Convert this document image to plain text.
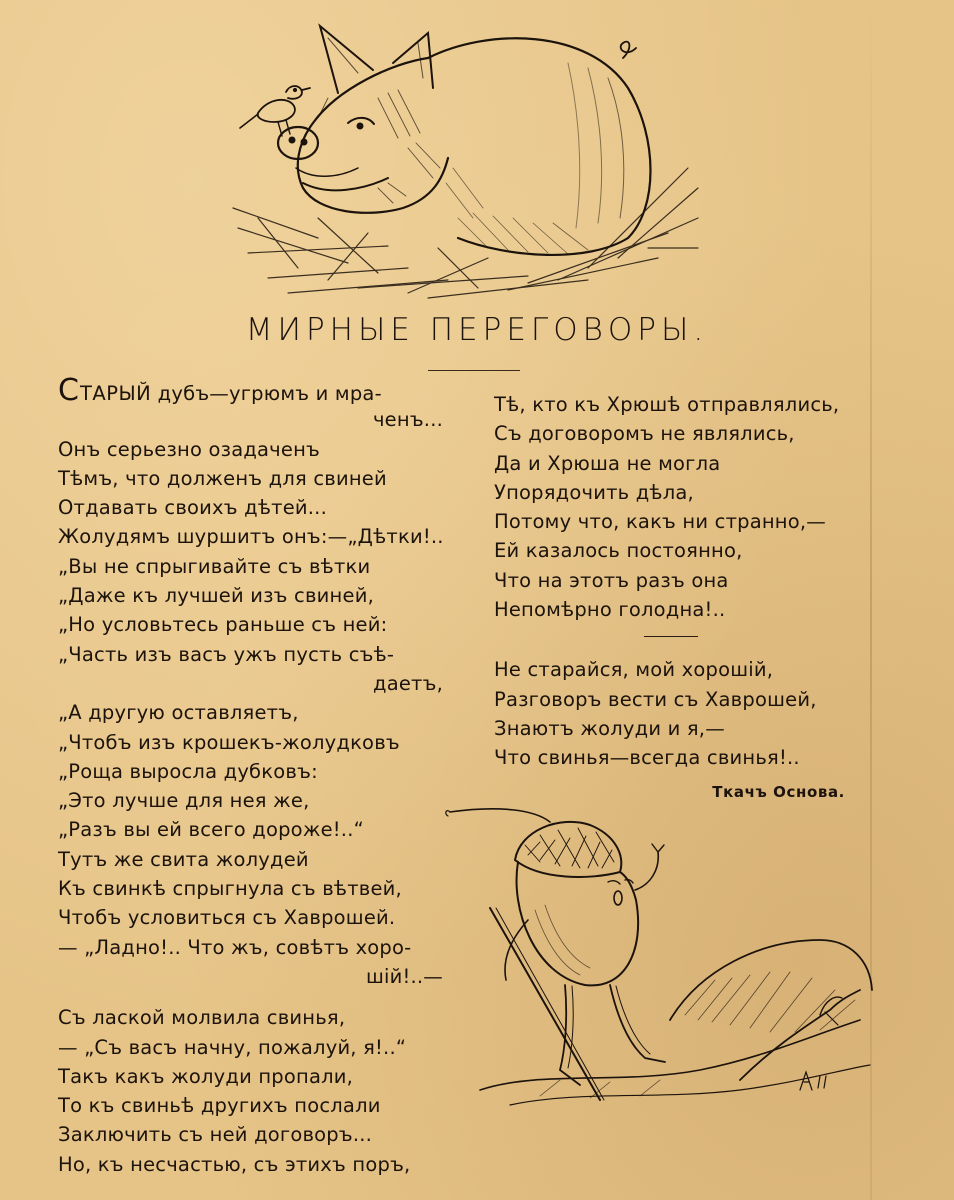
МИРНЫЕ ПЕРЕГОВОРЫ.
СТАРЫЙ дубъ—угрюмъ и мра-
ченъ...
Онъ серьезно озадаченъ
Тѣмъ, что долженъ для свиней
Отдавать своихъ дѣтей...
Жолудямъ шуршитъ онъ:—„Дѣтки!..
„Вы не спрыгивайте съ вѣтки
„Даже къ лучшей изъ свиней,
„Но условьтесь раньше съ ней:
„Часть изъ васъ ужъ пусть съѣ-
даетъ,
„А другую оставляетъ,
„Чтобъ изъ крошекъ-жолудковъ
„Роща выросла дубковъ:
„Это лучше для нея же,
„Разъ вы ей всего дороже!..“
Тутъ же свита жолудей
Къ свинкѣ спрыгнула съ вѣтвей,
Чтобъ условиться съ Хаврошей.
— „Ладно!.. Что жъ, совѣтъ хоро-
шій!..—
Съ лаской молвила свинья,
— „Съ васъ начну, пожалуй, я!..“
Такъ какъ жолуди пропали,
То къ свиньѣ другихъ послали
Заключить съ ней договоръ...
Но, къ несчастью, съ этихъ поръ,
Тѣ, кто къ Хрюшѣ отправлялись,
Съ договоромъ не являлись,
Да и Хрюша не могла
Упорядочить дѣла,
Потому что, какъ ни странно,—
Ей казалось постоянно,
Что на этотъ разъ она
Непомѣрно голодна!..
Не старайся, мой хорошій,
Разговоръ вести съ Хаврошей,
Знаютъ жолуди и я,—
Что свинья—всегда свинья!..
Ткачъ Основа.
